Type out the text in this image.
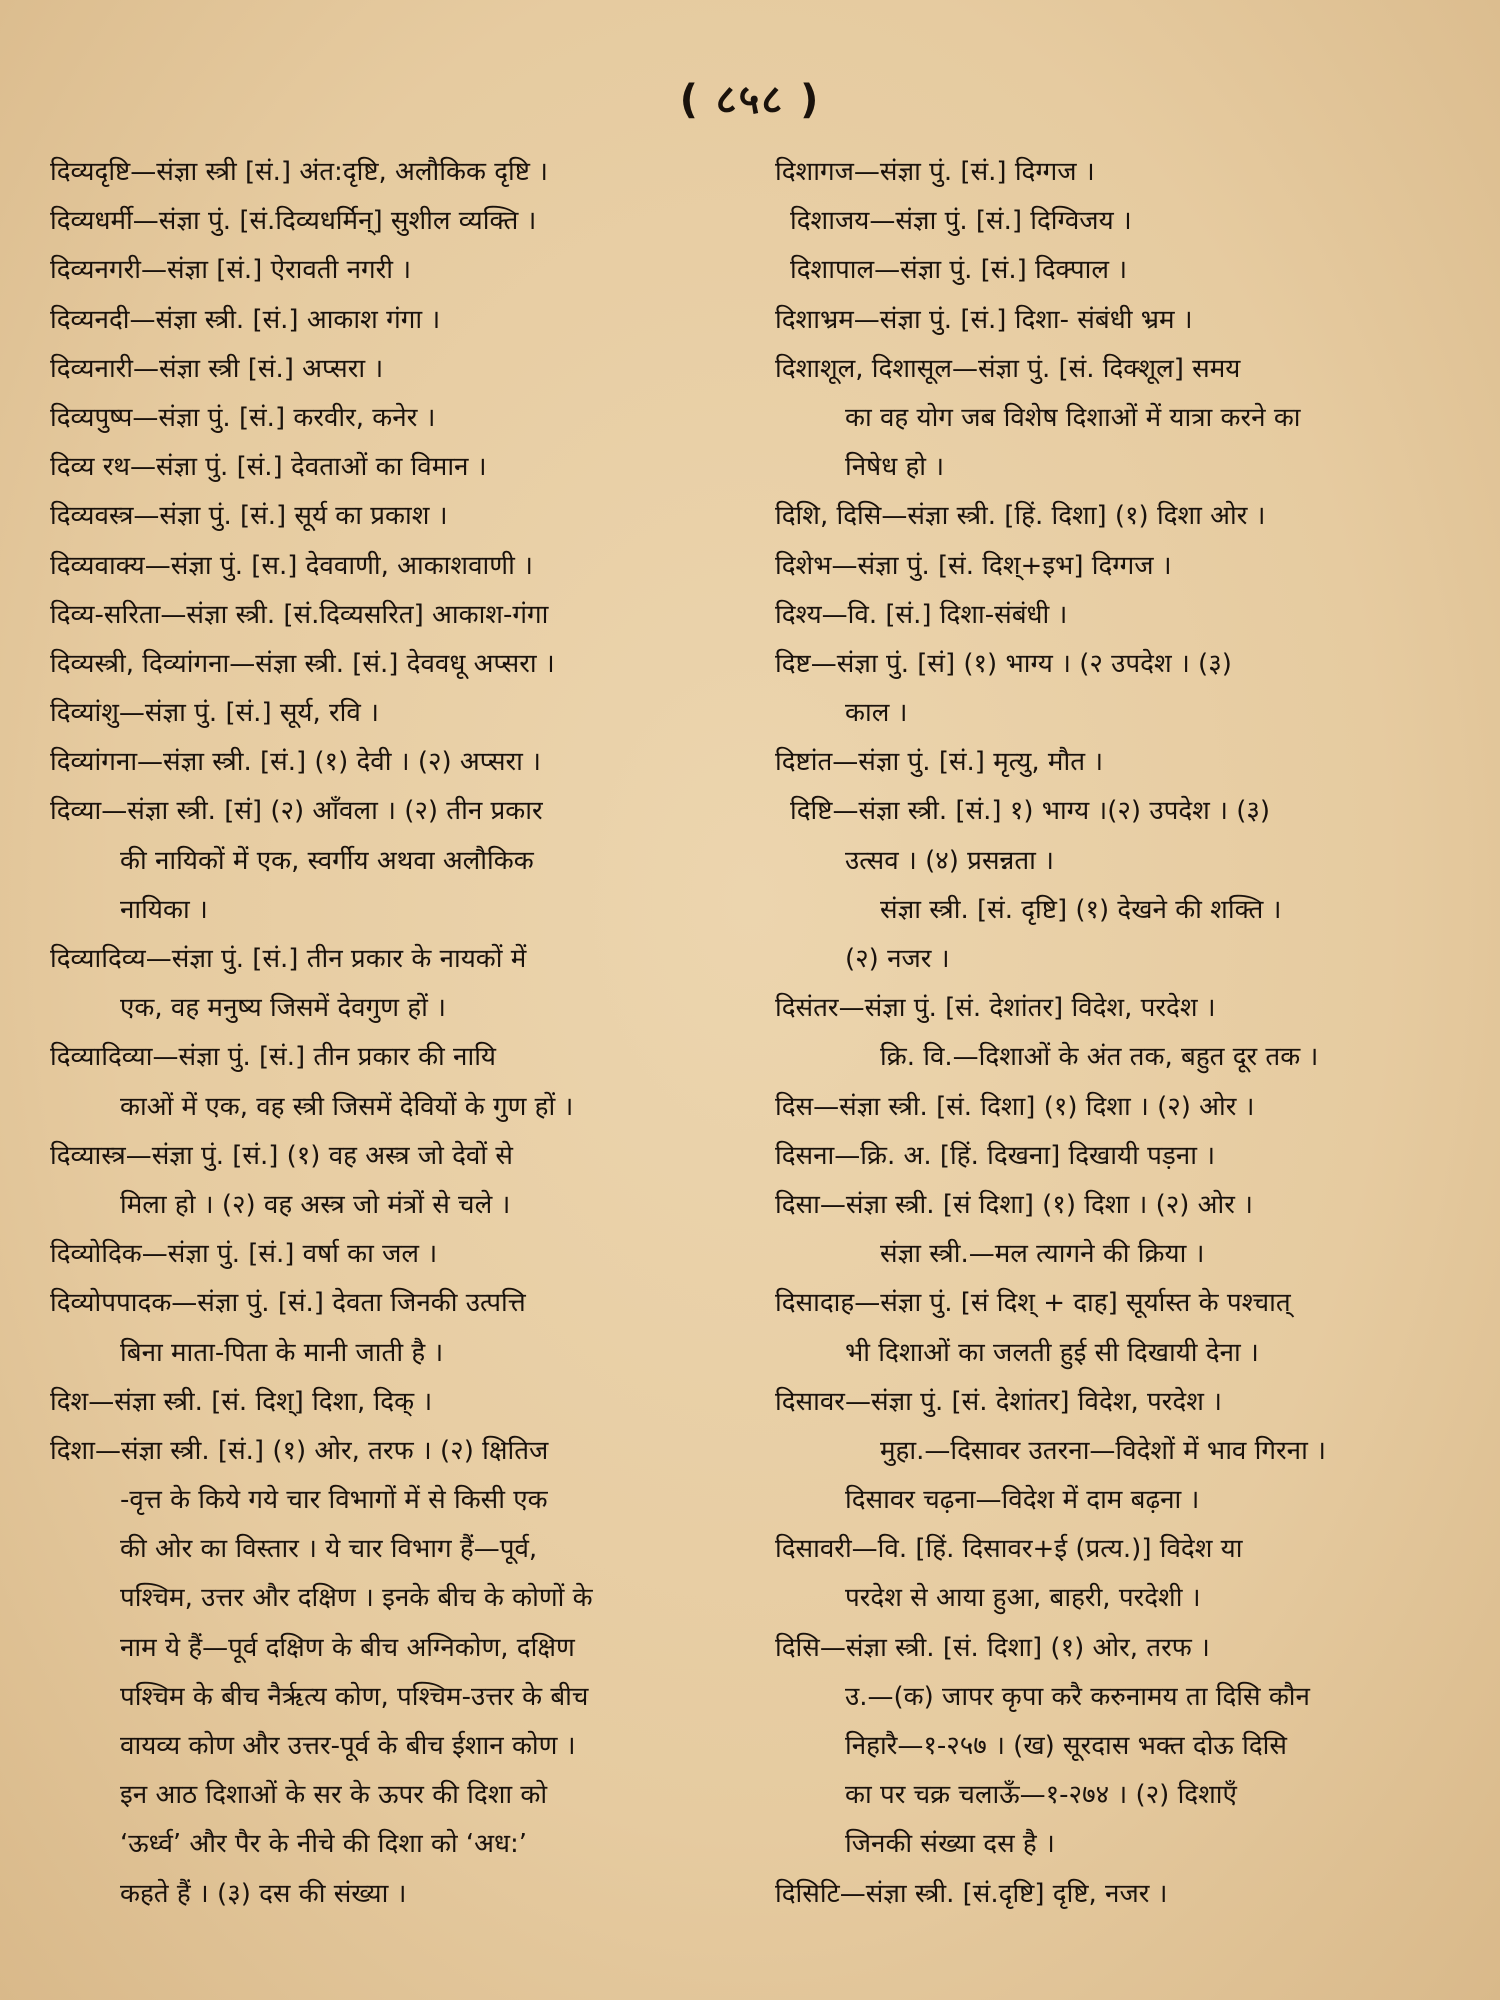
( ८५८ )
दिव्यदृष्टि—संज्ञा स्त्री [सं.] अंत:दृष्टि, अलौकिक दृष्टि ।
दिव्यधर्मी—संज्ञा पुं. [सं.दिव्यधर्मिन्] सुशील व्यक्ति ।
दिव्यनगरी—संज्ञा [सं.] ऐरावती नगरी ।
दिव्यनदी—संज्ञा स्त्री. [सं.] आकाश गंगा ।
दिव्यनारी—संज्ञा स्त्री [सं.] अप्सरा ।
दिव्यपुष्प—संज्ञा पुं. [सं.] करवीर, कनेर ।
दिव्य रथ—संज्ञा पुं. [सं.] देवताओं का विमान ।
दिव्यवस्त्र—संज्ञा पुं. [सं.] सूर्य का प्रकाश ।
दिव्यवाक्य—संज्ञा पुं. [स.] देववाणी, आकाशवाणी ।
दिव्य-सरिता—संज्ञा स्त्री. [सं.दिव्यसरित] आकाश-गंगा
दिव्यस्त्री, दिव्यांगना—संज्ञा स्त्री. [सं.] देववधू अप्सरा ।
दिव्यांशु—संज्ञा पुं. [सं.] सूर्य, रवि ।
दिव्यांगना—संज्ञा स्त्री. [सं.] (१) देवी । (२) अप्सरा ।
दिव्या—संज्ञा स्त्री. [सं] (२) आँवला । (२) तीन प्रकार
की नायिकों में एक, स्वर्गीय अथवा अलौकिक
नायिका ।
दिव्यादिव्य—संज्ञा पुं. [सं.] तीन प्रकार के नायकों में
एक, वह मनुष्य जिसमें देवगुण हों ।
दिव्यादिव्या—संज्ञा पुं. [सं.] तीन प्रकार की नायि
काओं में एक, वह स्त्री जिसमें देवियों के गुण हों ।
दिव्यास्त्र—संज्ञा पुं. [सं.] (१) वह अस्त्र जो देवों से
मिला हो । (२) वह अस्त्र जो मंत्रों से चले ।
दिव्योदिक—संज्ञा पुं. [सं.] वर्षा का जल ।
दिव्योपपादक—संज्ञा पुं. [सं.] देवता जिनकी उत्पत्ति
बिना माता-पिता के मानी जाती है ।
दिश—संज्ञा स्त्री. [सं. दिश्] दिशा, दिक् ।
दिशा—संज्ञा स्त्री. [सं.] (१) ओर, तरफ । (२) क्षितिज
-वृत्त के किये गये चार विभागों में से किसी एक
की ओर का विस्तार । ये चार विभाग हैं—पूर्व,
पश्चिम, उत्तर और दक्षिण । इनके बीच के कोणों के
नाम ये हैं—पूर्व दक्षिण के बीच अग्निकोण, दक्षिण
पश्चिम के बीच नैर्ऋत्य कोण, पश्चिम-उत्तर के बीच
वायव्य कोण और उत्तर-पूर्व के बीच ईशान कोण ।
इन आठ दिशाओं के सर के ऊपर की दिशा को
‘ऊर्ध्व’ और पैर के नीचे की दिशा को ‘अध:’
कहते हैं । (३) दस की संख्या ।
दिशागज—संज्ञा पुं. [सं.] दिग्गज ।
दिशाजय—संज्ञा पुं. [सं.] दिग्विजय ।
दिशापाल—संज्ञा पुं. [सं.] दिक्पाल ।
दिशाभ्रम—संज्ञा पुं. [सं.] दिशा- संबंधी भ्रम ।
दिशाशूल, दिशासूल—संज्ञा पुं. [सं. दिक्शूल] समय
का वह योग जब विशेष दिशाओं में यात्रा करने का
निषेध हो ।
दिशि, दिसि—संज्ञा स्त्री. [हिं. दिशा] (१) दिशा ओर ।
दिशेभ—संज्ञा पुं. [सं. दिश्+इभ] दिग्गज ।
दिश्य—वि. [सं.] दिशा-संबंधी ।
दिष्ट—संज्ञा पुं. [सं] (१) भाग्य । (२ उपदेश । (३)
काल ।
दिष्टांत—संज्ञा पुं. [सं.] मृत्यु, मौत ।
दिष्टि—संज्ञा स्त्री. [सं.] १) भाग्य ।(२) उपदेश । (३)
उत्सव । (४) प्रसन्नता ।
संज्ञा स्त्री. [सं. दृष्टि] (१) देखने की शक्ति ।
(२) नजर ।
दिसंतर—संज्ञा पुं. [सं. देशांतर] विदेश, परदेश ।
क्रि. वि.—दिशाओं के अंत तक, बहुत दूर तक ।
दिस—संज्ञा स्त्री. [सं. दिशा] (१) दिशा । (२) ओर ।
दिसना—क्रि. अ. [हिं. दिखना] दिखायी पड़ना ।
दिसा—संज्ञा स्त्री. [सं दिशा] (१) दिशा । (२) ओर ।
संज्ञा स्त्री.—मल त्यागने की क्रिया ।
दिसादाह—संज्ञा पुं. [सं दिश् + दाह] सूर्यास्त के पश्चात्
भी दिशाओं का जलती हुई सी दिखायी देना ।
दिसावर—संज्ञा पुं. [सं. देशांतर] विदेश, परदेश ।
मुहा.—दिसावर उतरना—विदेशों में भाव गिरना ।
दिसावर चढ़ना—विदेश में दाम बढ़ना ।
दिसावरी—वि. [हिं. दिसावर+ई (प्रत्य.)] विदेश या
परदेश से आया हुआ, बाहरी, परदेशी ।
दिसि—संज्ञा स्त्री. [सं. दिशा] (१) ओर, तरफ ।
उ.—(क) जापर कृपा करै करुनामय ता दिसि कौन
निहारै—१-२५७ । (ख) सूरदास भक्त दोऊ दिसि
का पर चक्र चलाऊँ—१-२७४ । (२) दिशाएँ
जिनकी संख्या दस है ।
दिसिटि—संज्ञा स्त्री. [सं.दृष्टि] दृष्टि, नजर ।
